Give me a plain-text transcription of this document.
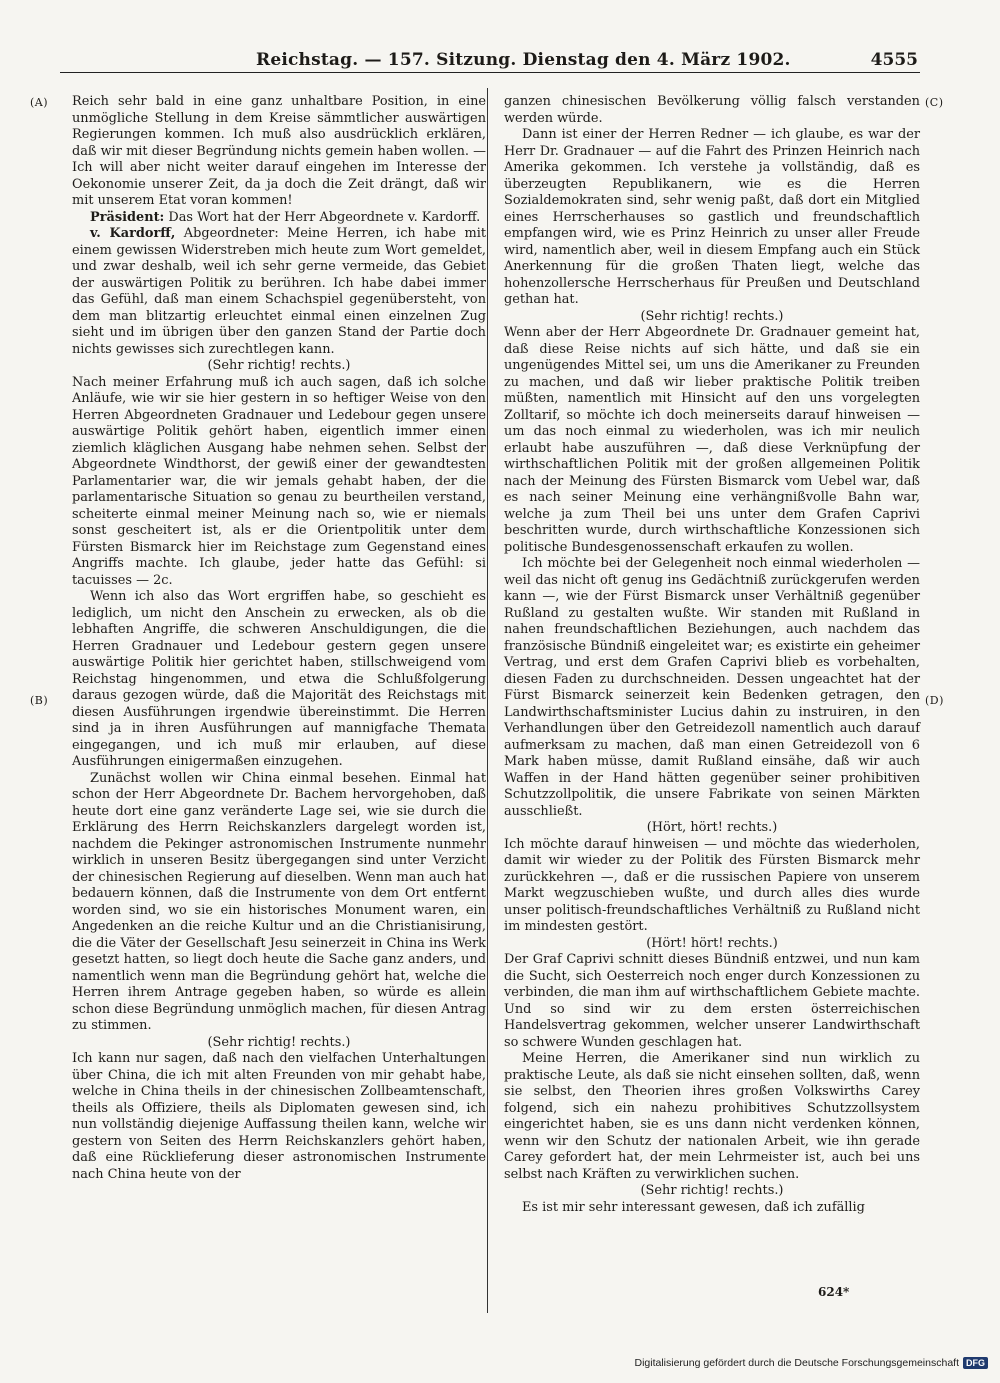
Reichstag. — 157. Sitzung. Dienstag den 4. März 1902.	4555
(A)
(B)
(C)
(D)

Reich sehr bald in eine ganz unhaltbare Position, in eine unmögliche Stellung in dem Kreise sämmtlicher auswärtigen Regierungen kommen. Ich muß also ausdrücklich erklären, daß wir mit dieser Begründung nichts gemein haben wollen. — Ich will aber nicht weiter darauf eingehen im Interesse der Oekonomie unserer Zeit, da ja doch die Zeit drängt, daß wir mit unserem Etat voran kommen!

Präsident: Das Wort hat der Herr Abgeordnete v. Kardorff.

v. Kardorff, Abgeordneter: Meine Herren, ich habe mit einem gewissen Widerstreben mich heute zum Wort gemeldet, und zwar deshalb, weil ich sehr gerne vermeide, das Gebiet der auswärtigen Politik zu berühren. Ich habe dabei immer das Gefühl, daß man einem Schachspiel gegenübersteht, von dem man blitzartig erleuchtet einmal einen einzelnen Zug sieht und im übrigen über den ganzen Stand der Partie doch nichts gewisses sich zurechtlegen kann.

(Sehr richtig! rechts.)

Nach meiner Erfahrung muß ich auch sagen, daß ich solche Anläufe, wie wir sie hier gestern in so heftiger Weise von den Herren Abgeordneten Gradnauer und Ledebour gegen unsere auswärtige Politik gehört haben, eigentlich immer einen ziemlich kläglichen Ausgang habe nehmen sehen. Selbst der Abgeordnete Windthorst, der gewiß einer der gewandtesten Parlamentarier war, die wir jemals gehabt haben, der die parlamentarische Situation so genau zu beurtheilen verstand, scheiterte einmal meiner Meinung nach so, wie er niemals sonst gescheitert ist, als er die Orientpolitik unter dem Fürsten Bismarck hier im Reichstage zum Gegenstand eines Angriffs machte. Ich glaube, jeder hatte das Gefühl: si tacuisses — 2c.

Wenn ich also das Wort ergriffen habe, so geschieht es lediglich, um nicht den Anschein zu erwecken, als ob die lebhaften Angriffe, die schweren Anschuldigungen, die die Herren Gradnauer und Ledebour gestern gegen unsere auswärtige Politik hier gerichtet haben, stillschweigend vom Reichstag hingenommen, und etwa die Schlußfolgerung daraus gezogen würde, daß die Majorität des Reichstags mit diesen Ausführungen irgendwie übereinstimmt. Die Herren sind ja in ihren Ausführungen auf mannigfache Themata eingegangen, und ich muß mir erlauben, auf diese Ausführungen einigermaßen einzugehen.

Zunächst wollen wir China einmal besehen. Einmal hat schon der Herr Abgeordnete Dr. Bachem hervorgehoben, daß heute dort eine ganz veränderte Lage sei, wie sie durch die Erklärung des Herrn Reichskanzlers dargelegt worden ist, nachdem die Pekinger astronomischen Instrumente nunmehr wirklich in unseren Besitz übergegangen sind unter Verzicht der chinesischen Regierung auf dieselben. Wenn man auch hat bedauern können, daß die Instrumente von dem Ort entfernt worden sind, wo sie ein historisches Monument waren, ein Angedenken an die reiche Kultur und an die Christianisirung, die die Väter der Gesellschaft Jesu seinerzeit in China ins Werk gesetzt hatten, so liegt doch heute die Sache ganz anders, und namentlich wenn man die Begründung gehört hat, welche die Herren ihrem Antrage gegeben haben, so würde es allein schon diese Begründung unmöglich machen, für diesen Antrag zu stimmen.

(Sehr richtig! rechts.)

Ich kann nur sagen, daß nach den vielfachen Unterhaltungen über China, die ich mit alten Freunden von mir gehabt habe, welche in China theils in der chinesischen Zollbeamtenschaft, theils als Offiziere, theils als Diplomaten gewesen sind, ich nun vollständig diejenige Auffassung theilen kann, welche wir gestern von Seiten des Herrn Reichskanzlers gehört haben, daß eine Rücklieferung dieser astronomischen Instrumente nach China heute von der

ganzen chinesischen Bevölkerung völlig falsch verstanden werden würde.

Dann ist einer der Herren Redner — ich glaube, es war der Herr Dr. Gradnauer — auf die Fahrt des Prinzen Heinrich nach Amerika gekommen. Ich verstehe ja vollständig, daß es überzeugten Republikanern, wie es die Herren Sozialdemokraten sind, sehr wenig paßt, daß dort ein Mitglied eines Herrscherhauses so gastlich und freundschaftlich empfangen wird, wie es Prinz Heinrich zu unser aller Freude wird, namentlich aber, weil in diesem Empfang auch ein Stück Anerkennung für die großen Thaten liegt, welche das hohenzollersche Herrscherhaus für Preußen und Deutschland gethan hat.

(Sehr richtig! rechts.)

Wenn aber der Herr Abgeordnete Dr. Gradnauer gemeint hat, daß diese Reise nichts auf sich hätte, und daß sie ein ungenügendes Mittel sei, um uns die Amerikaner zu Freunden zu machen, und daß wir lieber praktische Politik treiben müßten, namentlich mit Hinsicht auf den uns vorgelegten Zolltarif, so möchte ich doch meinerseits darauf hinweisen — um das noch einmal zu wiederholen, was ich mir neulich erlaubt habe auszuführen —, daß diese Verknüpfung der wirthschaftlichen Politik mit der großen allgemeinen Politik nach der Meinung des Fürsten Bismarck vom Uebel war, daß es nach seiner Meinung eine verhängnißvolle Bahn war, welche ja zum Theil bei uns unter dem Grafen Caprivi beschritten wurde, durch wirthschaftliche Konzessionen sich politische Bundesgenossenschaft erkaufen zu wollen.

Ich möchte bei der Gelegenheit noch einmal wiederholen — weil das nicht oft genug ins Gedächtniß zurückgerufen werden kann —, wie der Fürst Bismarck unser Verhältniß gegenüber Rußland zu gestalten wußte. Wir standen mit Rußland in nahen freundschaftlichen Beziehungen, auch nachdem das französische Bündniß eingeleitet war; es existirte ein geheimer Vertrag, und erst dem Grafen Caprivi blieb es vorbehalten, diesen Faden zu durchschneiden. Dessen ungeachtet hat der Fürst Bismarck seinerzeit kein Bedenken getragen, den Landwirthschaftsminister Lucius dahin zu instruiren, in den Verhandlungen über den Getreidezoll namentlich auch darauf aufmerksam zu machen, daß man einen Getreidezoll von 6 Mark haben müsse, damit Rußland einsähe, daß wir auch Waffen in der Hand hätten gegenüber seiner prohibitiven Schutzzollpolitik, die unsere Fabrikate von seinen Märkten ausschließt.

(Hört, hört! rechts.)

Ich möchte darauf hinweisen — und möchte das wiederholen, damit wir wieder zu der Politik des Fürsten Bismarck mehr zurückkehren —, daß er die russischen Papiere von unserem Markt wegzuschieben wußte, und durch alles dies wurde unser politisch-freundschaftliches Verhältniß zu Rußland nicht im mindesten gestört.

(Hört! hört! rechts.)

Der Graf Caprivi schnitt dieses Bündniß entzwei, und nun kam die Sucht, sich Oesterreich noch enger durch Konzessionen zu verbinden, die man ihm auf wirthschaftlichem Gebiete machte. Und so sind wir zu dem ersten österreichischen Handelsvertrag gekommen, welcher unserer Landwirthschaft so schwere Wunden geschlagen hat.

Meine Herren, die Amerikaner sind nun wirklich zu praktische Leute, als daß sie nicht einsehen sollten, daß, wenn sie selbst, den Theorien ihres großen Volkswirths Carey folgend, sich ein nahezu prohibitives Schutzzollsystem eingerichtet haben, sie es uns dann nicht verdenken können, wenn wir den Schutz der nationalen Arbeit, wie ihn gerade Carey gefordert hat, der mein Lehrmeister ist, auch bei uns selbst nach Kräften zu verwirklichen suchen.

(Sehr richtig! rechts.)

Es ist mir sehr interessant gewesen, daß ich zufällig

624*
Digitalisierung gefördert durch die Deutsche Forschungsgemeinschaft DFG
